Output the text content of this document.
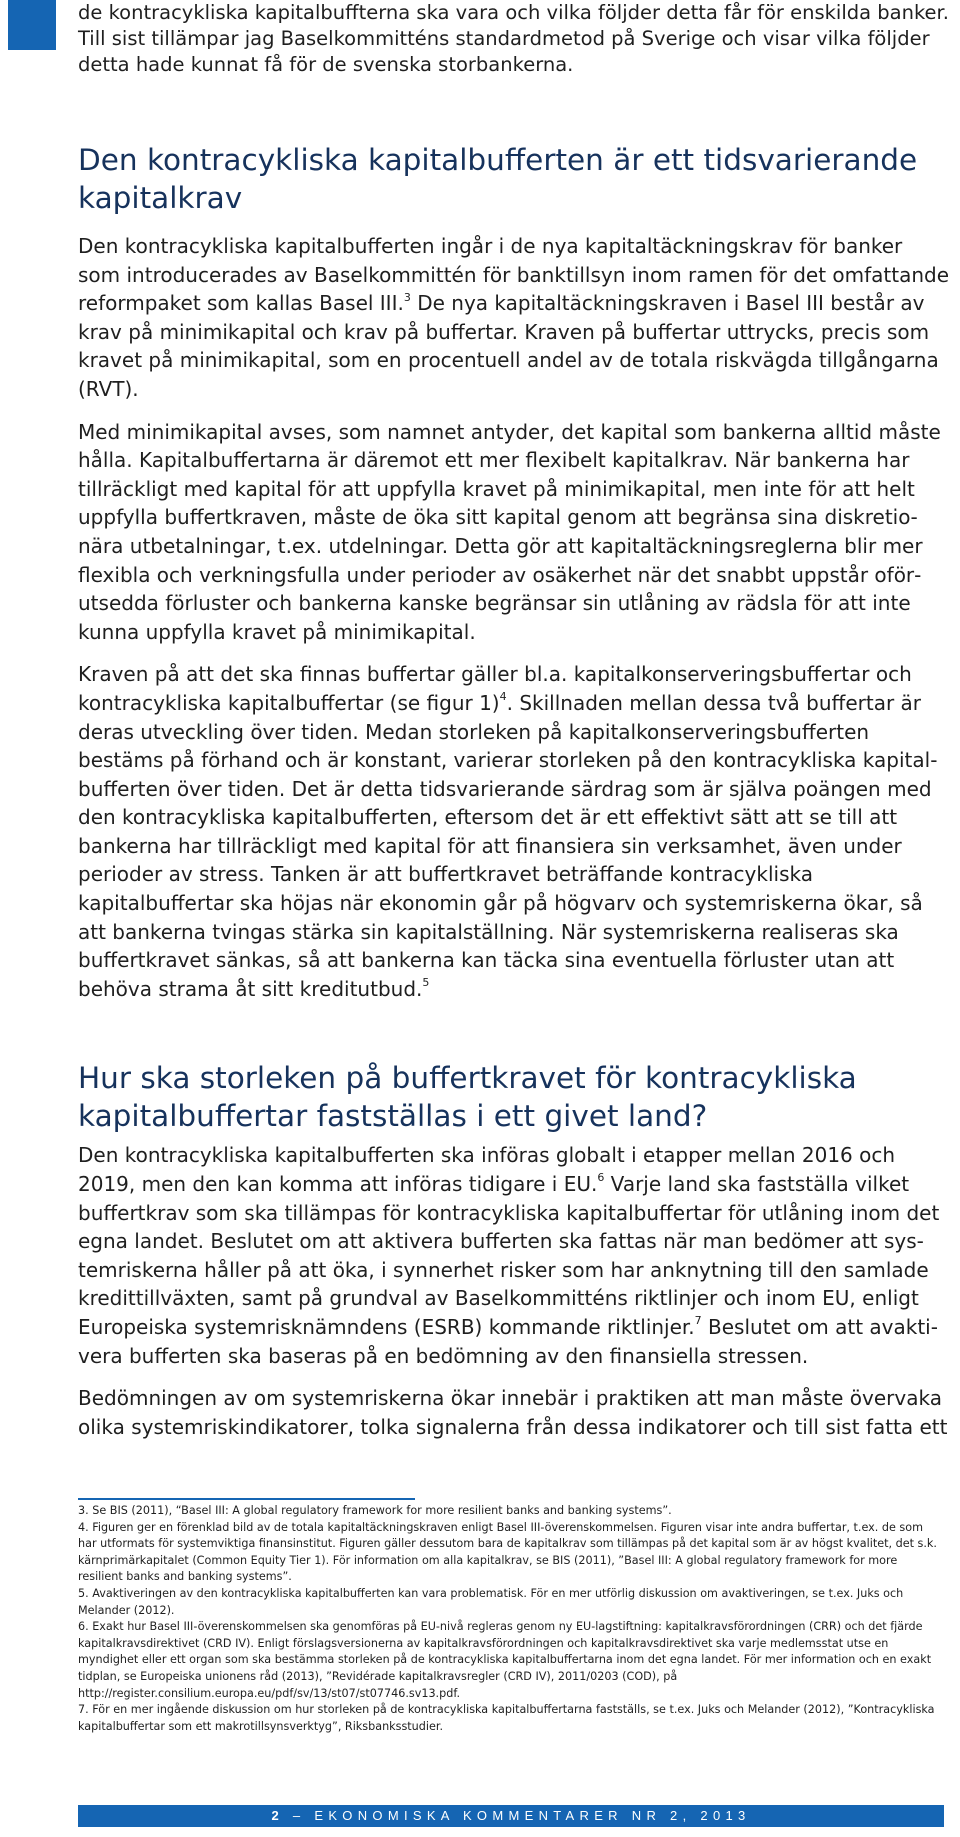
de kontracykliska kapitalbuffterna ska vara och vilka följder detta får för enskilda banker. Till sist tillämpar jag Baselkommitténs standardmetod på Sverige och visar vilka följder detta hade kunnat få för de svenska storbankerna.

Den kontracykliska kapitalbufferten är ett tidsvarierande kapitalkrav

Den kontracykliska kapitalbufferten ingår i de nya kapitaltäckningskrav för banker som introducerades av Baselkommittén för banktillsyn inom ramen för det omfattande reformpaket som kallas Basel III.$^3$ De nya kapitaltäckningskraven i Basel III består av krav på minimikapital och krav på buffertar. Kraven på buffertar uttrycks, precis som kravet på minimikapital, som en procentuell andel av de totala riskvägda tillgångarna (RVT).

Med minimikapital avses, som namnet antyder, det kapital som bankerna alltid måste hålla. Kapitalbuffertarna är däremot ett mer flexibelt kapitalkrav. När bankerna har tillräckligt med kapital för att uppfylla kravet på minimikapital, men inte för att helt uppfylla buffertkraven, måste de öka sitt kapital genom att begränsa sina diskretionära utbetalningar, t.ex. utdelningar. Detta gör att kapitaltäckningsreglerna blir mer flexibla och verkningsfulla under perioder av osäkerhet när det snabbt uppstår oförutsedda förluster och bankerna kanske begränsar sin utlåning av rädsla för att inte kunna uppfylla kravet på minimikapital.

Kraven på att det ska finnas buffertar gäller bl.a. kapitalkonserveringsbuffertar och kontracykliska kapitalbuffertar (se figur 1)$^4$. Skillnaden mellan dessa två buffertar är deras utveckling över tiden. Medan storleken på kapitalkonserveringsbufferten bestäms på förhand och är konstant, varierar storleken på den kontracykliska kapitalbufferten över tiden. Det är detta tidsvarierande särdrag som är själva poängen med den kontracykliska kapitalbufferten, eftersom det är ett effektivt sätt att se till att bankerna har tillräckligt med kapital för att finansiera sin verksamhet, även under perioder av stress. Tanken är att buffertkravet beträffande kontracykliska kapitalbuffertar ska höjas när ekonomin går på högvarv och systemriskerna ökar, så att bankerna tvingas stärka sin kapitalställning. När systemriskerna realiseras ska buffertkravet sänkas, så att bankerna kan täcka sina eventuella förluster utan att behöva strama åt sitt kreditutbud.$^5$

Hur ska storleken på buffertkravet för kontracykliska kapitalbuffertar fastställas i ett givet land?

Den kontracykliska kapitalbufferten ska införas globalt i etapper mellan 2016 och 2019, men den kan komma att införas tidigare i EU.$^6$ Varje land ska fastställa vilket buffertkrav som ska tillämpas för kontracykliska kapitalbuffertar för utlåning inom det egna landet. Beslutet om att aktivera bufferten ska fattas när man bedömer att systemriskerna håller på att öka, i synnerhet risker som har anknytning till den samlade kredittillväxten, samt på grundval av Baselkommitténs riktlinjer och inom EU, enligt Europeiska systemrisknämndens (ESRB) kommande riktlinjer.$^7$ Beslutet om att avaktivera bufferten ska baseras på en bedömning av den finansiella stressen.

Bedömningen av om systemriskerna ökar innebär i praktiken att man måste övervaka olika systemriskindikatorer, tolka signalerna från dessa indikatorer och till sist fatta ett

3. Se BIS (2011), “Basel III: A global regulatory framework for more resilient banks and banking systems”.

4. Figuren ger en förenklad bild av de totala kapitaltäckningskraven enligt Basel III-överenskommelsen. Figuren visar inte andra buffertar, t.ex. de som har utformats för systemviktiga finansinstitut. Figuren gäller dessutom bara de kapitalkrav som tillämpas på det kapital som är av högst kvalitet, det s.k. kärnprimärkapitalet (Common Equity Tier 1). För information om alla kapitalkrav, se BIS (2011), ”Basel III: A global regulatory framework for more resilient banks and banking systems”.

5. Avaktiveringen av den kontracykliska kapitalbufferten kan vara problematisk. För en mer utförlig diskussion om avaktiveringen, se t.ex. Juks och Melander (2012).

6. Exakt hur Basel III-överenskommelsen ska genomföras på EU-nivå regleras genom ny EU-lagstiftning: kapitalkravsförordningen (CRR) och det fjärde kapitalkravsdirektivet (CRD IV). Enligt förslagsversionerna av kapitalkravsförordningen och kapitalkravsdirektivet ska varje medlemsstat utse en myndighet eller ett organ som ska bestämma storleken på de kontracykliska kapitalbuffertarna inom det egna landet. För mer information och en exakt tidplan, se Europeiska unionens råd (2013), ”Revidérade kapitalkravsregler (CRD IV), 2011/0203 (COD), på http://register.consilium.europa.eu/pdf/sv/13/st07/st07746.sv13.pdf.

7. För en mer ingående diskussion om hur storleken på de kontracykliska kapitalbuffertarna fastställs, se t.ex. Juks och Melander (2012), ”Kontracykliska kapitalbuffertar som ett makrotillsynsverktyg”, Riksbanksstudier.

2 – EKONOMISKA KOMMENTARER NR 2, 2013
